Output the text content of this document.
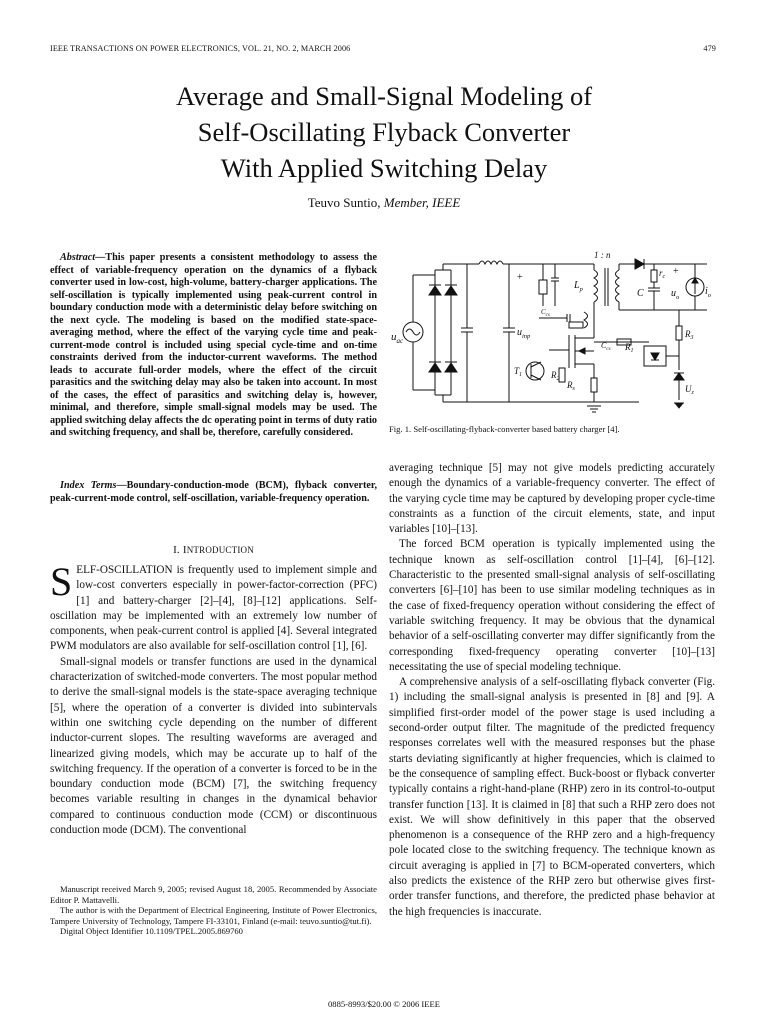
IEEE TRANSACTIONS ON POWER ELECTRONICS, VOL. 21, NO. 2, MARCH 2006	479
Average and Small-Signal Modeling of
Self-Oscillating Flyback Converter
With Applied Switching Delay
Teuvo Suntio, Member, IEEE

Abstract—This paper presents a consistent methodology to assess the effect of variable-frequency operation on the dynamics of a flyback converter used in low-cost, high-volume, battery-charger applications. The self-oscillation is typically implemented using peak-current control in boundary conduction mode with a deterministic delay before switching on the next cycle. The modeling is based on the modified state-space-averaging method, where the effect of the varying cycle time and peak-current-mode control is included using special cycle-time and on-time constraints derived from the inductor-current waveforms. The method leads to accurate full-order models, where the effect of the circuit parasitics and the switching delay may also be taken into account. In most of the cases, the effect of parasitics and switching delay is, however, minimal, and therefore, simple small-signal models may be used. The applied switching delay affects the dc operating point in terms of duty ratio and switching frequency, and shall be, therefore, carefully considered.

Index Terms—Boundary-conduction-mode (BCM), flyback converter, peak-current-mode control, self-oscillation, variable-frequency operation.

I. INTRODUCTION

SELF-OSCILLATION is frequently used to implement simple and low-cost converters especially in power-factor-correction (PFC) [1] and battery-charger [2]–[4], [8]–[12] applications. Self-oscillation may be implemented with an extremely low number of components, when peak-current control is applied [4]. Several integrated PWM modulators are also available for self-oscillation control [1], [6].

Small-signal models or transfer functions are used in the dynamical characterization of switched-mode converters. The most popular method to derive the small-signal models is the state-space averaging technique [5], where the operation of a converter is divided into subintervals within one switching cycle depending on the number of different inductor-current slopes. The resulting waveforms are averaged and linearized giving models, which may be accurate up to half of the switching frequency. If the operation of a converter is forced to be in the boundary conduction mode (BCM) [7], the switching frequency becomes variable resulting in changes in the dynamical behavior compared to continuous conduction mode (CCM) or discontinuous conduction mode (DCM). The conventional

Manuscript received March 9, 2005; revised August 18, 2005. Recommended by Associate Editor P. Mattavelli.

The author is with the Department of Electrical Engineering, Institute of Power Electronics, Tampere University of Technology, Tampere FI-33101, Finland (e-mail: teuvo.suntio@tut.fi).

Digital Object Identifier 10.1109/TPEL.2005.869760

$u_{ac}$
+
$u_{inp}$
$L_p$
1 : n
$C_{cs}$
$C_{cs}$ $R_1$
$T_1$	$R_2$
$R_s$
$r_c$
C
+
$u_o$
$i_o$
$R_3$
$U_z$
Fig. 1. Self-oscillating-flyback-converter based battery charger [4].

averaging technique [5] may not give models predicting accurately enough the dynamics of a variable-frequency converter. The effect of the varying cycle time may be captured by developing proper cycle-time constraints as a function of the circuit elements, state, and input variables [10]–[13].

The forced BCM operation is typically implemented using the technique known as self-oscillation control [1]–[4], [6]–[12]. Characteristic to the presented small-signal analysis of self-oscillating converters [6]–[10] has been to use similar modeling techniques as in the case of fixed-frequency operation without considering the effect of variable switching frequency. It may be obvious that the dynamical behavior of a self-oscillating converter may differ significantly from the corresponding fixed-frequency operating converter [10]–[13] necessitating the use of special modeling technique.

A comprehensive analysis of a self-oscillating flyback converter (Fig. 1) including the small-signal analysis is presented in [8] and [9]. A simplified first-order model of the power stage is used including a second-order output filter. The magnitude of the predicted frequency responses correlates well with the measured responses but the phase starts deviating significantly at higher frequencies, which is claimed to be the consequence of sampling effect. Buck-boost or flyback converter typically contains a right-hand-plane (RHP) zero in its control-to-output transfer function [13]. It is claimed in [8] that such a RHP zero does not exist. We will show definitively in this paper that the observed phenomenon is a consequence of the RHP zero and a high-frequency pole located close to the switching frequency. The technique known as circuit averaging is applied in [7] to BCM-operated converters, which also predicts the existence of the RHP zero but otherwise gives first-order transfer functions, and therefore, the predicted phase behavior at the high frequencies is inaccurate.

0885-8993/$20.00 © 2006 IEEE
